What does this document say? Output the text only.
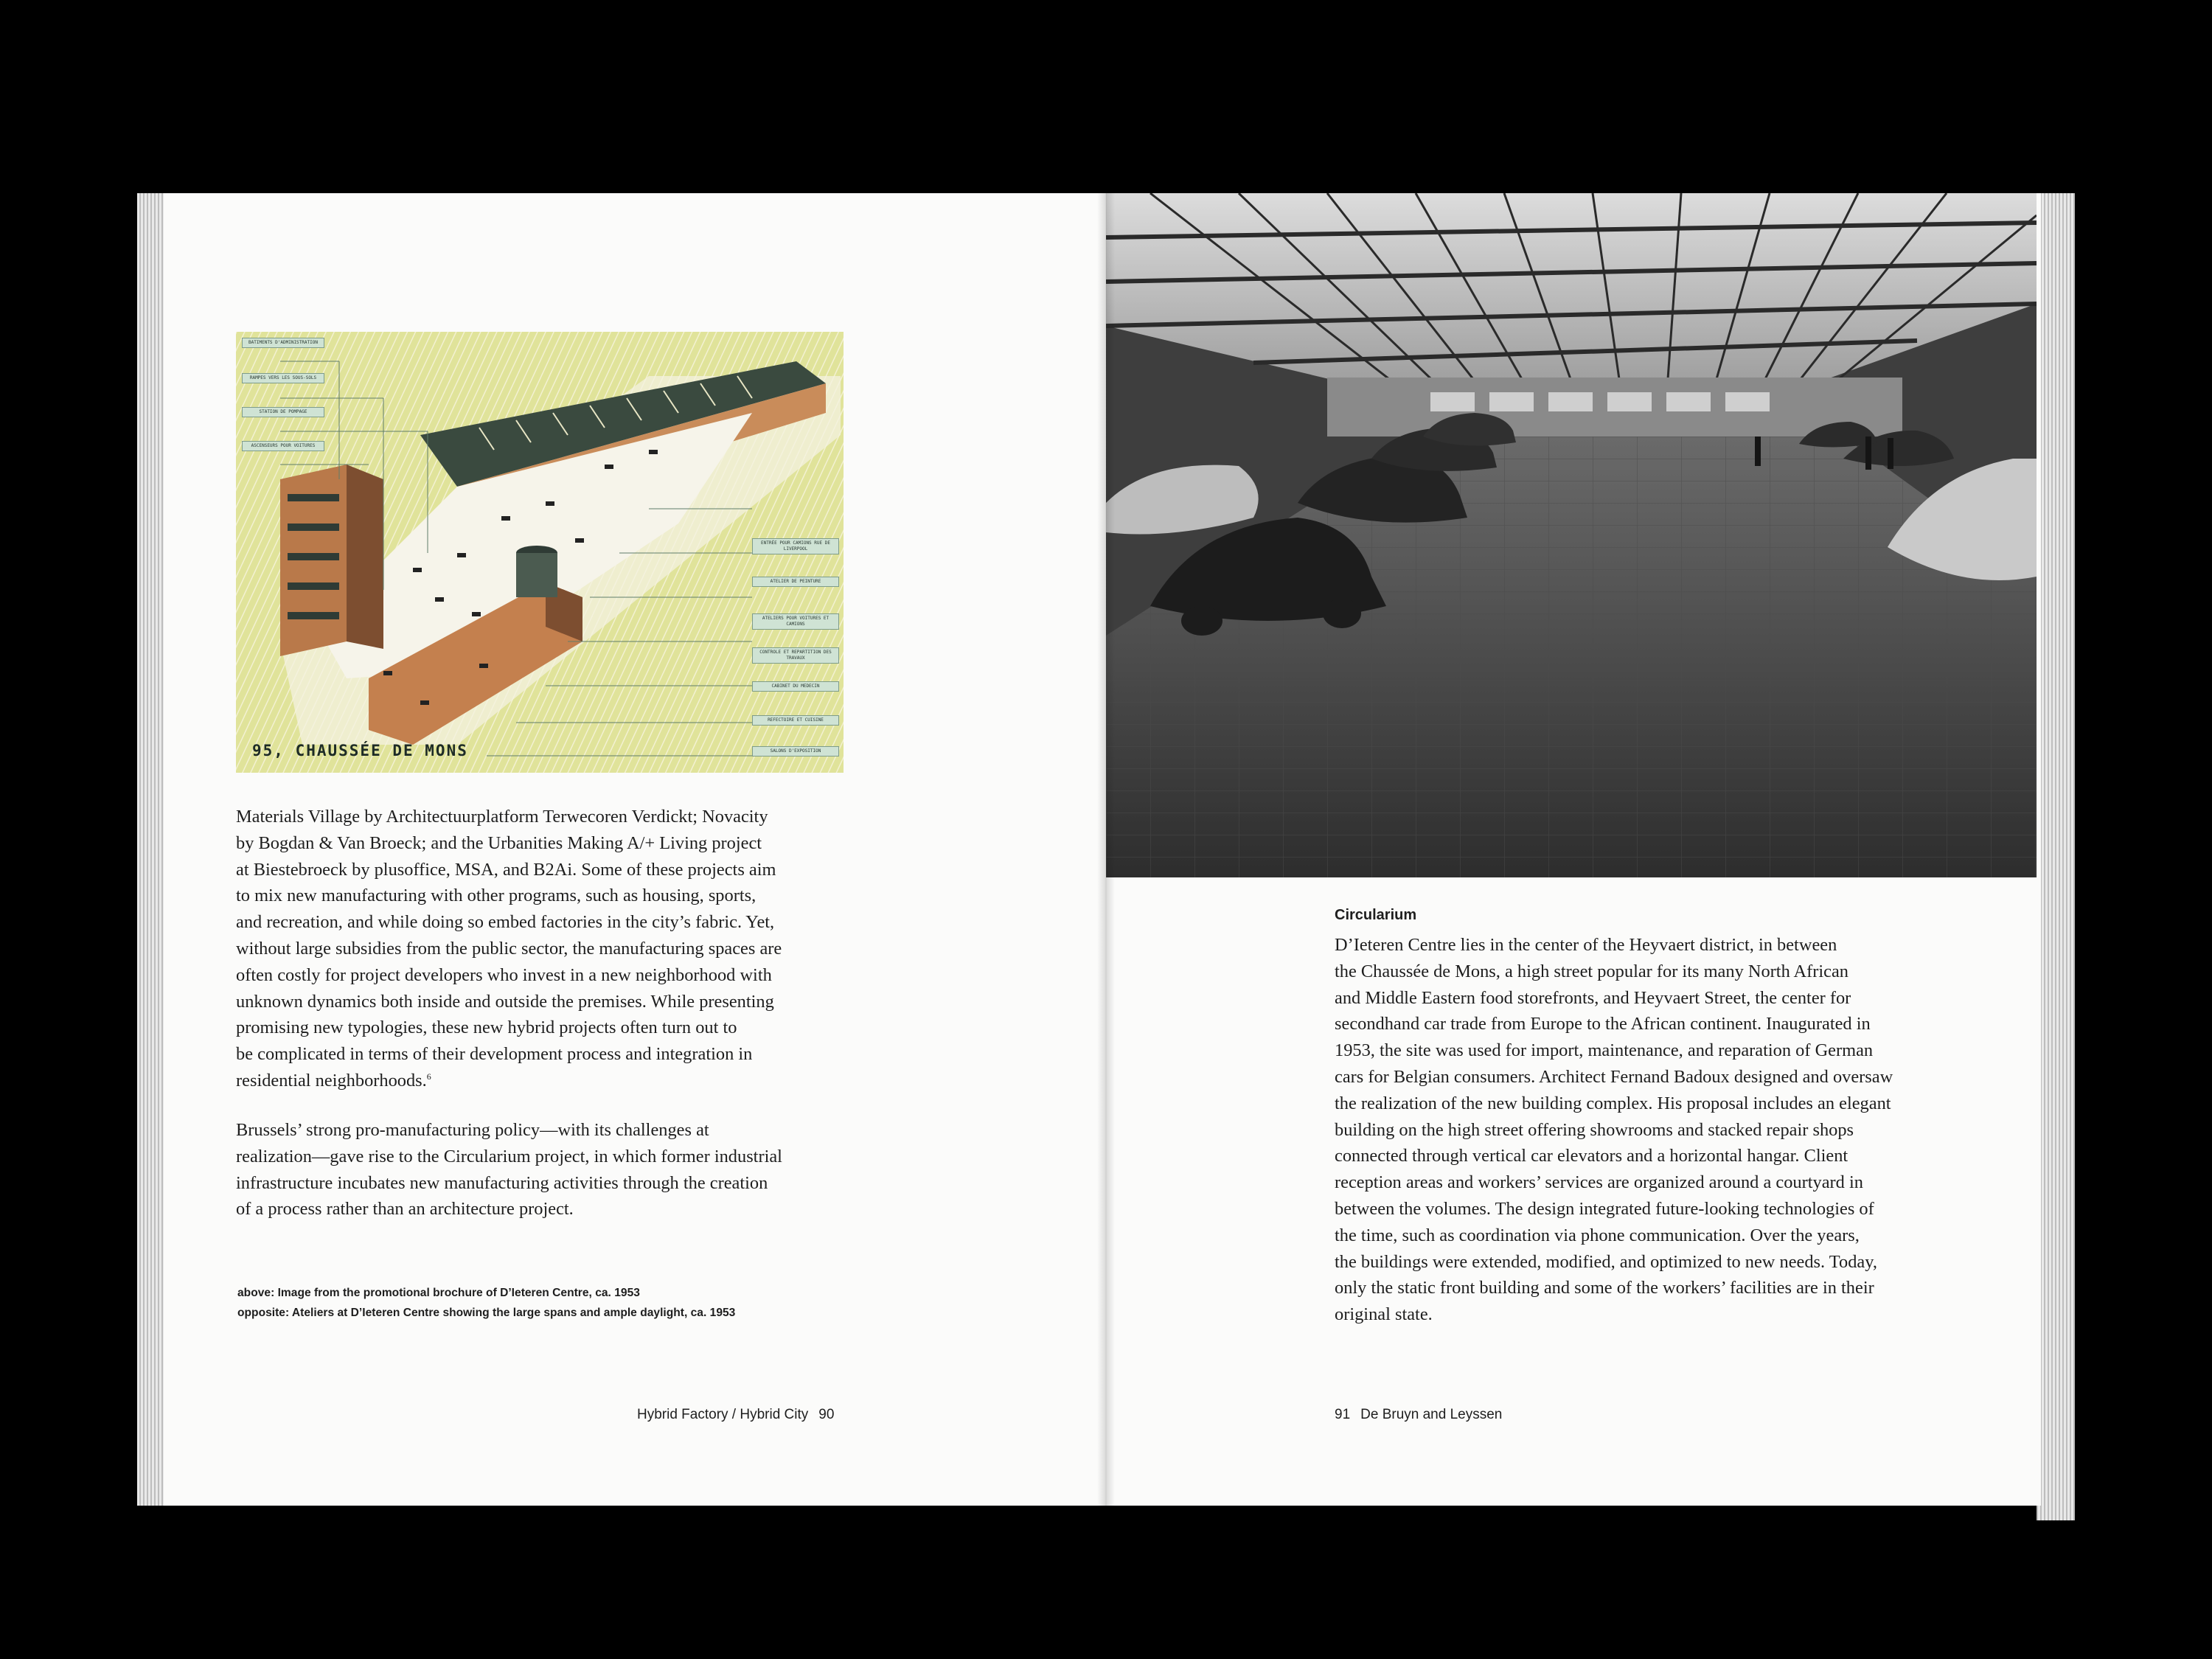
BATIMENTS D'ADMINISTRATION
RAMPES VERS LES SOUS-SOLS
STATION DE POMPAGE
ASCENSEURS POUR VOITURES
ENTRÉE POUR CAMIONS RUE DE LIVERPOOL
ATELIER DE PEINTURE
ATELIERS POUR VOITURES ET CAMIONS
CONTROLE ET REPARTITION DES TRAVAUX
CABINET DU MEDECIN
REFECTOIRE ET CUISINE
SALONS D'EXPOSITION
95, CHAUSSÉE DE MONS
Materials Village by Architectuurplatform Terwecoren Verdickt; Novacity
by Bogdan & Van Broeck; and the Urbanities Making A/+ Living project
at Biestebroeck by plusoffice, MSA, and B2Ai. Some of these projects aim
to mix new manufacturing with other programs, such as housing, sports,
and recreation, and while doing so embed factories in the city’s fabric. Yet,
without large subsidies from the public sector, the manufacturing spaces are
often costly for project developers who invest in a new neighborhood with
unknown dynamics both inside and outside the premises. While presenting
promising new typologies, these new hybrid projects often turn out to
be complicated in terms of their development process and integration in
residential neighborhoods.$^6$
Brussels’ strong pro-manufacturing policy—with its challenges at
realization—gave rise to the Circularium project, in which former industrial
infrastructure incubates new manufacturing activities through the creation
of a process rather than an architecture project.
above: Image from the promotional brochure of D’Ieteren Centre, ca. 1953
opposite: Ateliers at D’Ieteren Centre showing the large spans and ample daylight, ca. 1953
Hybrid Factory / Hybrid City 90
Circularium
D’Ieteren Centre lies in the center of the Heyvaert district, in between
the Chaussée de Mons, a high street popular for its many North African
and Middle Eastern food storefronts, and Heyvaert Street, the center for
secondhand car trade from Europe to the African continent. Inaugurated in
1953, the site was used for import, maintenance, and reparation of German
cars for Belgian consumers. Architect Fernand Badoux designed and oversaw
the realization of the new building complex. His proposal includes an elegant
building on the high street offering showrooms and stacked repair shops
connected through vertical car elevators and a horizontal hangar. Client
reception areas and workers’ services are organized around a courtyard in
between the volumes. The design integrated future-looking technologies of
the time, such as coordination via phone communication. Over the years,
the buildings were extended, modified, and optimized to new needs. Today,
only the static front building and some of the workers’ facilities are in their
original state.
91 De Bruyn and Leyssen
